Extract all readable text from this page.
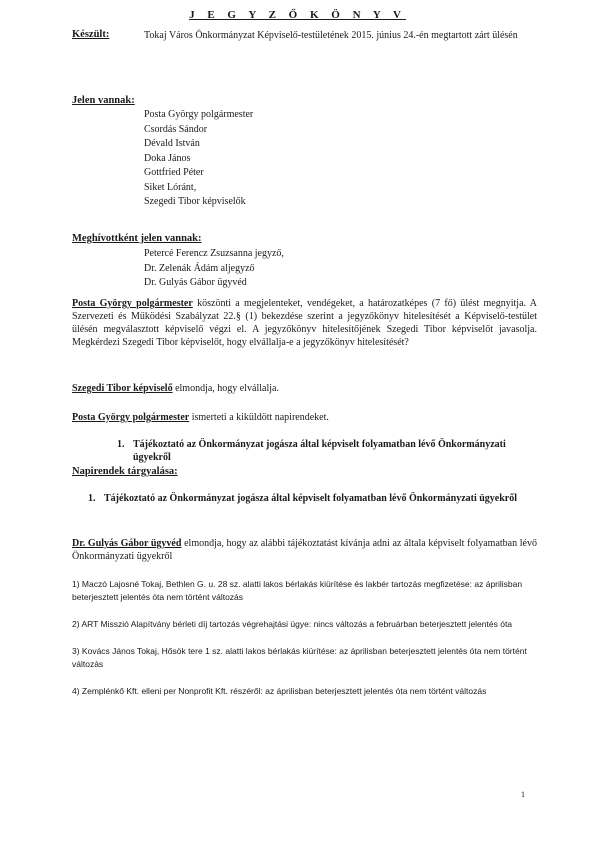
J E G Y Z Ő K Ö N Y V
Készült:	Tokaj Város Önkormányzat Képviselő-testületének 2015. június 24.-én megtartott zárt ülésén
Jelen vannak:
Posta György polgármester
Csordás Sándor
Dévald István
Doka János
Gottfried Péter
Siket Lóránt,
Szegedi Tibor képviselők
Meghívottként jelen vannak:
Petercé Ferencz Zsuzsanna jegyző,
Dr. Zelenák Ádám aljegyző
Dr. Gulyás Gábor ügyvéd
Posta György polgármester köszönti a megjelenteket, vendégeket, a határozatképes (7 fő) ülést megnyitja. A Szervezeti és Működési Szabályzat 22.§ (1) bekezdése szerint a jegyzőkönyv hitelesítését a Képviselő-testület ülésén megválasztott képviselő végzi el. A jegyzőkönyv hitelesítőjének Szegedi Tibor képviselőt javasolja. Megkérdezi Szegedi Tibor képviselőt, hogy elvállalja-e a jegyzőkönyv hitelesítését?
Szegedi Tibor képviselő elmondja, hogy elvállalja.
Posta György polgármester ismerteti a kiküldött napirendeket.
1. Tájékoztató az Önkormányzat jogásza által képviselt folyamatban lévő Önkormányzati ügyekről
Napirendek tárgyalása:
1. Tájékoztató az Önkormányzat jogásza által képviselt folyamatban lévő Önkormányzati ügyekről
Dr. Gulyás Gábor ügyvéd elmondja, hogy az alábbi tájékoztatást kívánja adni az általa képviselt folyamatban lévő Önkormányzati ügyekről
1) Maczó Lajosné Tokaj, Bethlen G. u. 28 sz. alatti lakos bérlakás kiürítése és lakbér tartozás megfizetése: az áprilisban beterjesztett jelentés óta nem történt változás
2) ART Misszió Alapítvány bérleti díj tartozás végrehajtási ügye: nincs változás a februárban beterjesztett jelentés óta
3) Kovács János Tokaj, Hősök tere 1 sz. alatti lakos bérlakás kiürítése: az áprilisban beterjesztett jelentés óta nem történt változás
4) Zemplénkő Kft. elleni per Nonprofit Kft. részéről: az áprilisban beterjesztett jelentés óta nem történt változás
1
